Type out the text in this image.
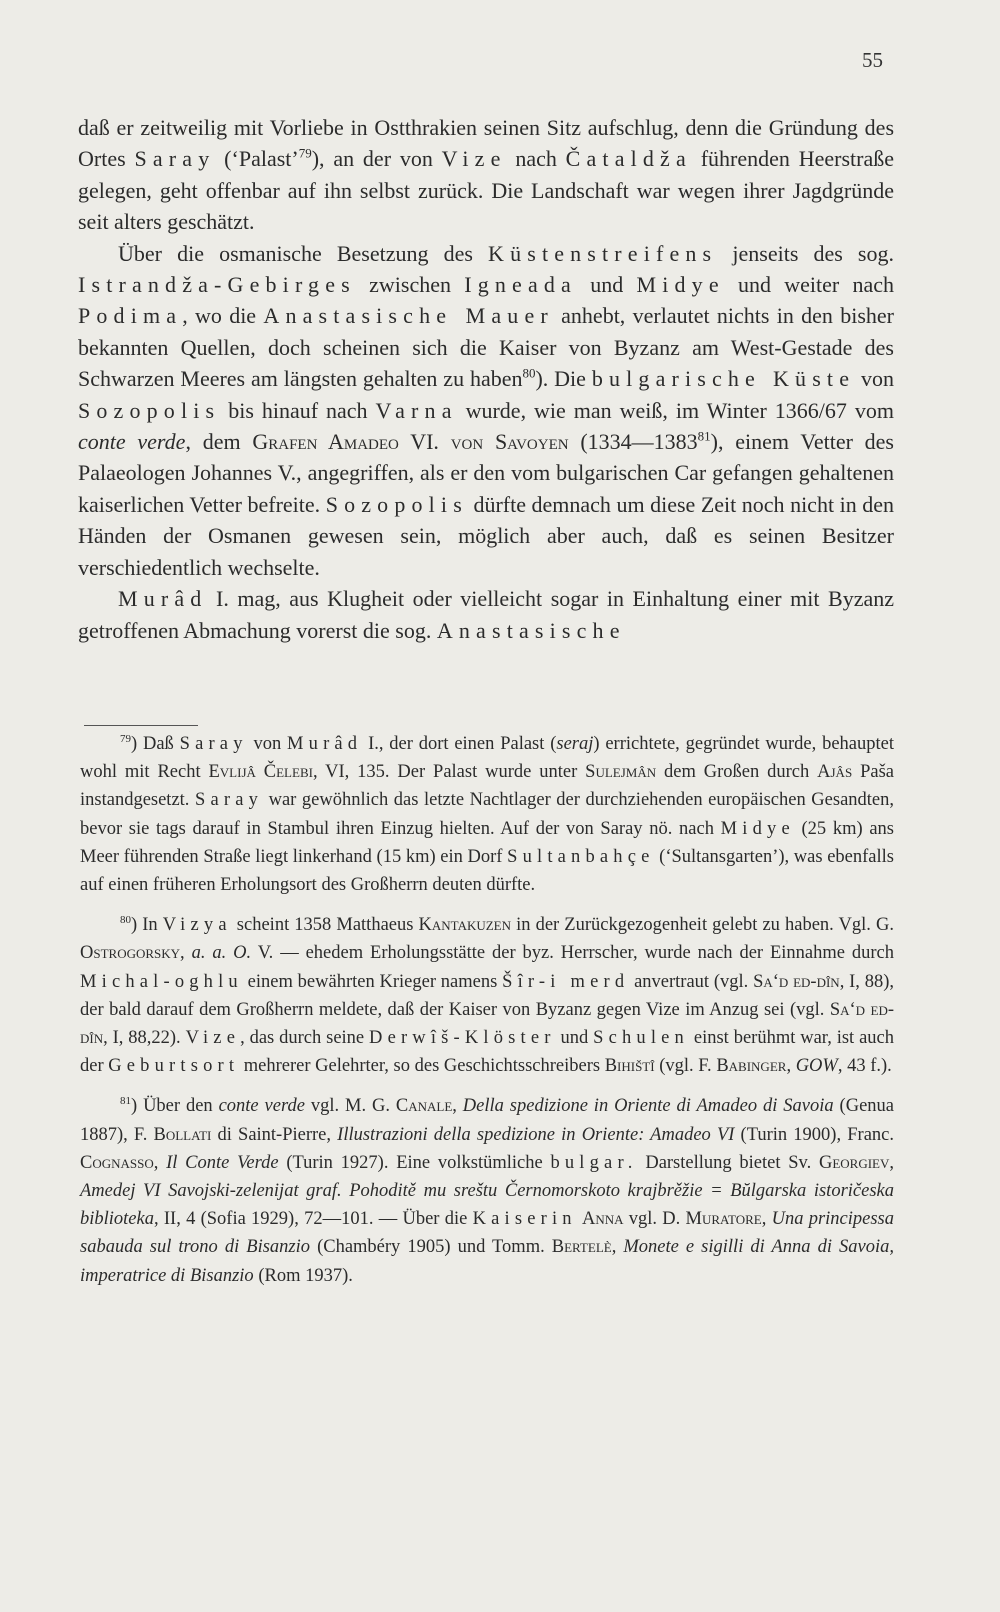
55

daß er zeitweilig mit Vorliebe in Ostthrakien seinen Sitz aufschlug, denn die Gründung des Ortes Saray (‘Palast’$^{79}$), an der von Vize nach Čataldža führenden Heerstraße gelegen, geht offenbar auf ihn selbst zurück. Die Landschaft war wegen ihrer Jagdgründe seit alters geschätzt.

Über die osmanische Besetzung des Küstenstreifens jenseits des sog. Istrandža-Gebirges zwischen Igneada und Midye und weiter nach Podima, wo die Anastasische Mauer anhebt, verlautet nichts in den bisher bekannten Quellen, doch scheinen sich die Kaiser von Byzanz am West-Gestade des Schwarzen Meeres am längsten gehalten zu haben$^{80}$). Die bulgarische Küste von Sozopolis bis hinauf nach Varna wurde, wie man weiß, im Winter 1366/67 vom conte verde, dem Grafen Amadeo VI. von Savoyen (1334—1383$^{81}$), einem Vetter des Palaeologen Johannes V., angegriffen, als er den vom bulgarischen Car gefangen gehaltenen kaiserlichen Vetter befreite. Sozopolis dürfte demnach um diese Zeit noch nicht in den Händen der Osmanen gewesen sein, möglich aber auch, daß es seinen Besitzer verschiedentlich wechselte.

Murâd I. mag, aus Klugheit oder vielleicht sogar in Einhaltung einer mit Byzanz getroffenen Abmachung vorerst die sog. Anastasische

$^{79}$) Daß Saray von Murâd I., der dort einen Palast (seraj) errichtete, gegründet wurde, behauptet wohl mit Recht Evlijâ Čelebi, VI, 135. Der Palast wurde unter Sulejmân dem Großen durch Ajâs Paša instandgesetzt. Saray war gewöhnlich das letzte Nachtlager der durchziehenden europäischen Gesandten, bevor sie tags darauf in Stambul ihren Einzug hielten. Auf der von Saray nö. nach Midye (25 km) ans Meer führenden Straße liegt linkerhand (15 km) ein Dorf Sultanbahçe (‘Sultansgarten’), was ebenfalls auf einen früheren Erholungsort des Großherrn deuten dürfte.

$^{80}$) In Vizya scheint 1358 Matthaeus Kantakuzen in der Zurückgezogenheit gelebt zu haben. Vgl. G. Ostrogorsky, a. a. O. V. — ehedem Erholungsstätte der byz. Herrscher, wurde nach der Einnahme durch Michal-oghlu einem bewährten Krieger namens Šîr-i merd anvertraut (vgl. Sa‘d ed-dîn, I, 88), der bald darauf dem Großherrn meldete, daß der Kaiser von Byzanz gegen Vize im Anzug sei (vgl. Sa‘d ed-dîn, I, 88,22). Vize, das durch seine Derwîš-Klöster und Schulen einst berühmt war, ist auch der Geburtsort mehrerer Gelehrter, so des Geschichtsschreibers Bihištî (vgl. F. Babinger, GOW, 43 f.).

$^{81}$) Über den conte verde vgl. M. G. Canale, Della spedizione in Oriente di Amadeo di Savoia (Genua 1887), F. Bollati di Saint-Pierre, Illustrazioni della spedizione in Oriente: Amadeo VI (Turin 1900), Franc. Cognasso, Il Conte Verde (Turin 1927). Eine volkstümliche bulgar. Darstellung bietet Sv. Georgiev, Amedej VI Savojski-zelenijat graf. Pohoditě mu sreštu Černomorskoto krajbrěžie = Bŭlgarska istoričeska biblioteka, II, 4 (Sofia 1929), 72—101. — Über die Kaiserin Anna vgl. D. Muratore, Una principessa sabauda sul trono di Bisanzio (Chambéry 1905) und Tomm. Bertelè, Monete e sigilli di Anna di Savoia, imperatrice di Bisanzio (Rom 1937).
